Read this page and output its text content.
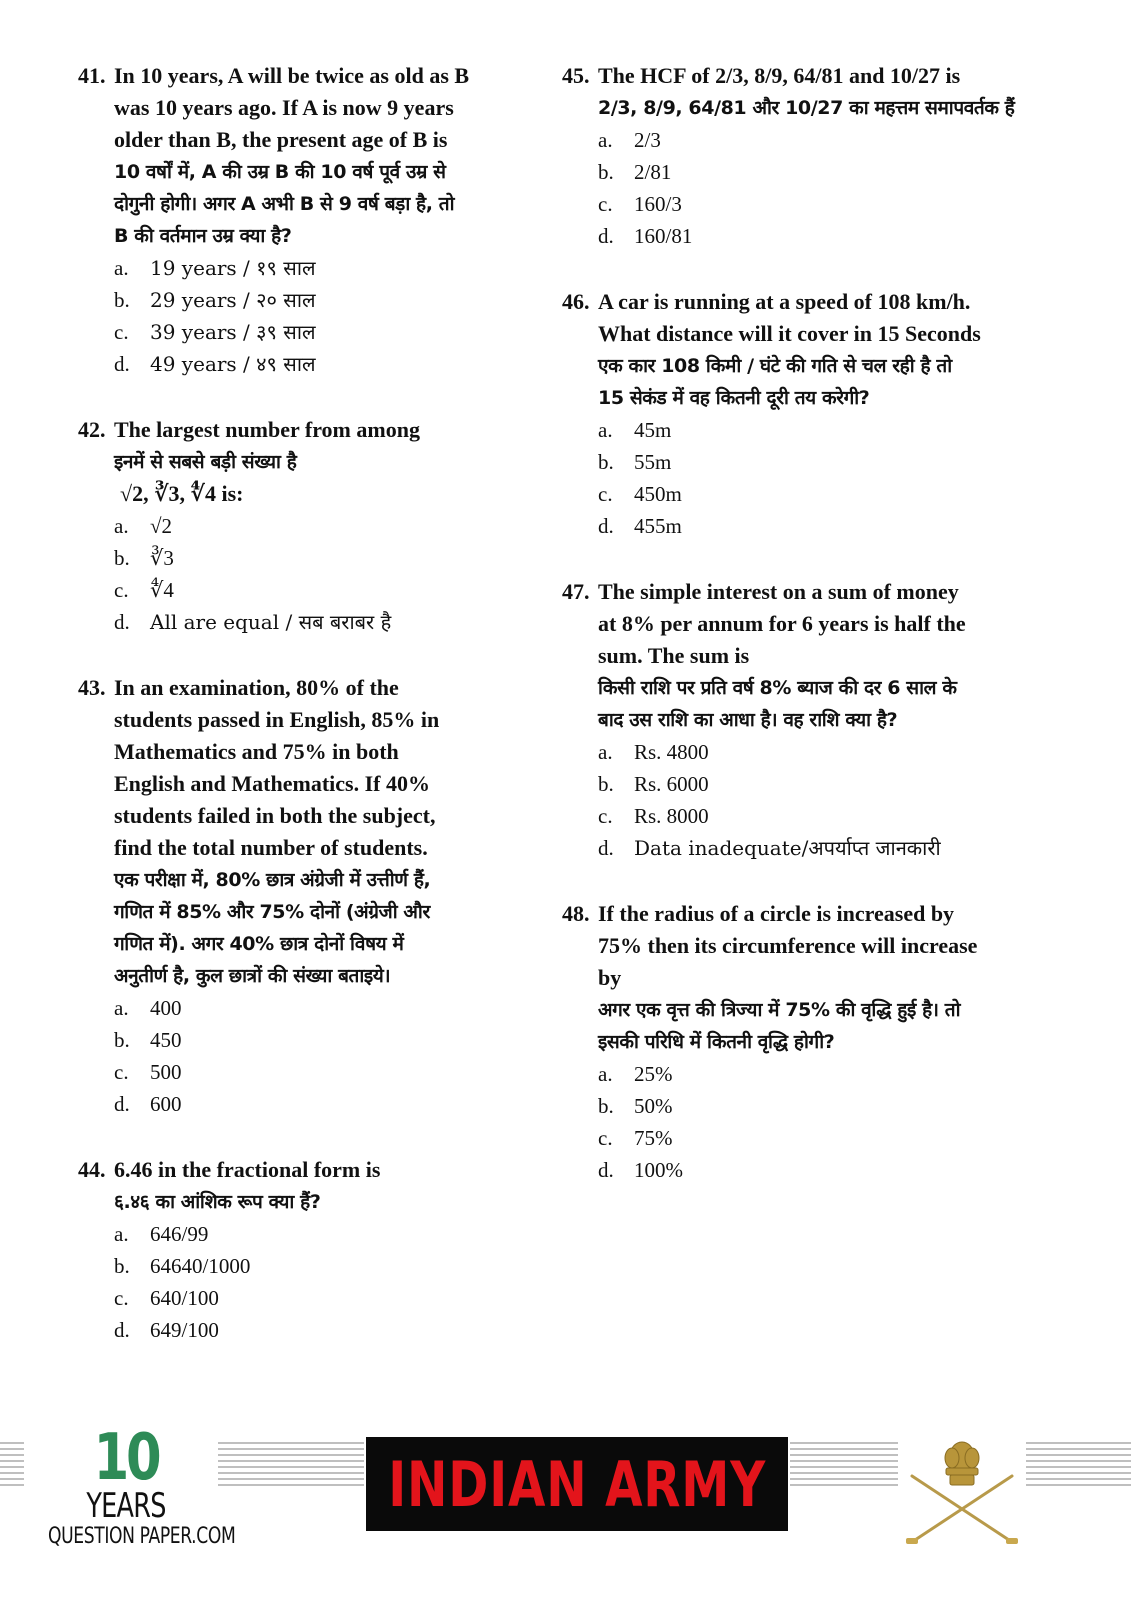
41. In 10 years, A will be twice as old as B
was 10 years ago. If A is now 9 years
older than B, the present age of B is
10 वर्षों में, A की उम्र B की 10 वर्ष पूर्व उम्र से
दोगुनी होगी। अगर A अभी B से 9 वर्ष बड़ा है, तो
B की वर्तमान उम्र क्या है?
a.	19 years / १९ साल
b.	29 years / २० साल
c.	39 years / ३९ साल
d.	49 years / ४९ साल
42. The largest number from among
इनमें से सबसे बड़ी संख्या है
√2, ∛3, ∜4 is:
a.	√2
b. ∛3
c.	∜4
d.	All are equal / सब बराबर है
43. In an examination, 80% of the
students passed in English, 85% in
Mathematics and 75% in both
English and Mathematics. If 40%
students failed in both the subject,
find the total number of students.
एक परीक्षा में, 80% छात्र अंग्रेजी में उत्तीर्ण हैं,
गणित में 85% और 75% दोनों (अंग्रेजी और
गणित में). अगर 40% छात्र दोनों विषय में
अनुतीर्ण है, कुल छात्रों की संख्या बताइये।
a.	400
b. 450
c.	500
d. 600
44. 6.46 in the fractional form is
६.४६ का आंशिक रूप क्या हैं?
a.	646/99
b. 64640/1000
c.	640/100
d. 649/100
45. The HCF of 2/3, 8/9, 64/81 and 10/27 is
2/3, 8/9, 64/81 और 10/27 का महत्तम समापवर्तक हैं
a.	2/3
b. 2/81
c.	160/3
d. 160/81
46. A car is running at a speed of 108 km/h.
What distance will it cover in 15 Seconds
एक कार 108 किमी / घंटे की गति से चल रही है तो
15 सेकंड में वह कितनी दूरी तय करेगी?
a.	45m
b. 55m
c.	450m
d. 455m
47. The simple interest on a sum of money
at 8% per annum for 6 years is half the
sum. The sum is
किसी राशि पर प्रति वर्ष 8% ब्याज की दर 6 साल के
बाद उस राशि का आधा है। वह राशि क्या है?
a.	Rs. 4800
b. Rs. 6000
c.	Rs. 8000
d.	Data inadequate/अपर्याप्त जानकारी
48. If the radius of a circle is increased by
75% then its circumference will increase
by
अगर एक वृत्त की त्रिज्या में 75% की वृद्धि हुई है। तो
इसकी परिधि में कितनी वृद्धि होगी?
a.	25%
b. 50%
c.	75%
d. 100%
10
YEARS
QUESTION PAPER.COM
INDIAN ARMY
